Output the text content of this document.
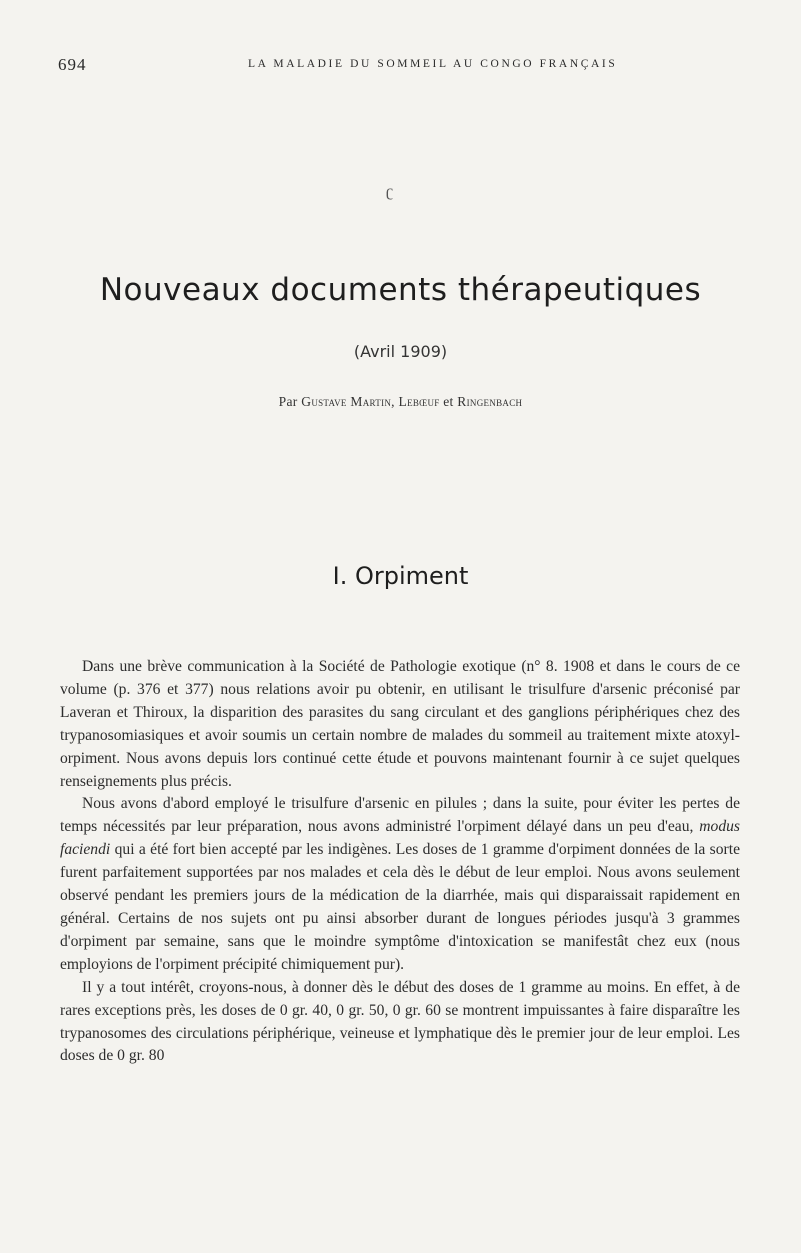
694	LA MALADIE DU SOMMEIL AU CONGO FRANÇAIS
ʗ
Nouveaux documents thérapeutiques
(Avril 1909)
Par Gustave Martin, Lebœuf et Ringenbach
I. Orpiment

Dans une brève communication à la Société de Pathologie exotique (n° 8. 1908 et dans le cours de ce volume (p. 376 et 377) nous relations avoir pu obtenir, en utilisant le trisulfure d'arsenic préconisé par Laveran et Thiroux, la disparition des parasites du sang circulant et des ganglions périphériques chez des trypanosomiasiques et avoir soumis un certain nombre de malades du sommeil au traitement mixte atoxyl-orpiment. Nous avons depuis lors continué cette étude et pouvons maintenant fournir à ce sujet quelques renseignements plus précis.

Nous avons d'abord employé le trisulfure d'arsenic en pilules ; dans la suite, pour éviter les pertes de temps nécessités par leur préparation, nous avons administré l'orpiment délayé dans un peu d'eau, modus faciendi qui a été fort bien accepté par les indigènes. Les doses de 1 gramme d'orpiment données de la sorte furent parfaitement supportées par nos malades et cela dès le début de leur emploi. Nous avons seulement observé pendant les premiers jours de la médication de la diarrhée, mais qui disparaissait rapidement en général. Certains de nos sujets ont pu ainsi absorber durant de longues périodes jusqu'à 3 grammes d'orpiment par semaine, sans que le moindre symptôme d'intoxication se manifestât chez eux (nous employions de l'orpiment précipité chimiquement pur).

Il y a tout intérêt, croyons-nous, à donner dès le début des doses de 1 gramme au moins. En effet, à de rares exceptions près, les doses de 0 gr. 40, 0 gr. 50, 0 gr. 60 se montrent impuissantes à faire disparaître les trypanosomes des circulations périphérique, veineuse et lymphatique dès le premier jour de leur emploi. Les doses de 0 gr. 80
